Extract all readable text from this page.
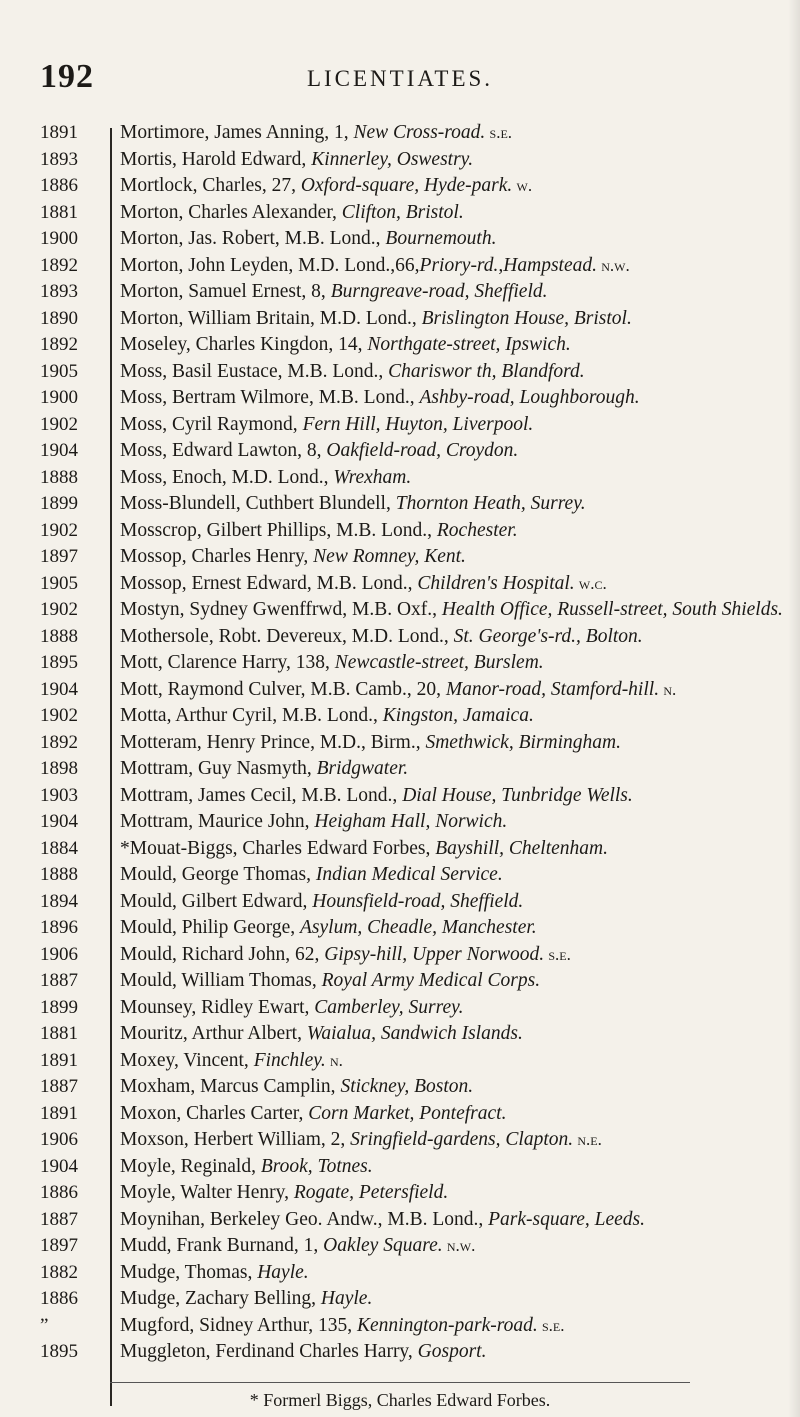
192	LICENTIATES.
1891	Mortimore, James Anning, 1, New Cross-road. s.e.
1893	Mortis, Harold Edward, Kinnerley, Oswestry.
1886	Mortlock, Charles, 27, Oxford-square, Hyde-park. w.
1881	Morton, Charles Alexander, Clifton, Bristol.
1900	Morton, Jas. Robert, M.B. Lond., Bournemouth.
1892	Morton, John Leyden, M.D. Lond.,66,Priory-rd.,Hampstead. n.w.
1893	Morton, Samuel Ernest, 8, Burngreave-road, Sheffield.
1890	Morton, William Britain, M.D. Lond., Brislington House, Bristol.
1892	Moseley, Charles Kingdon, 14, Northgate-street, Ipswich.
1905	Moss, Basil Eustace, M.B. Lond., Chariswor th, Blandford.
1900	Moss, Bertram Wilmore, M.B. Lond., Ashby-road, Loughborough.
1902	Moss, Cyril Raymond, Fern Hill, Huyton, Liverpool.
1904	Moss, Edward Lawton, 8, Oakfield-road, Croydon.
1888	Moss, Enoch, M.D. Lond., Wrexham.
1899	Moss-Blundell, Cuthbert Blundell, Thornton Heath, Surrey.
1902	Mosscrop, Gilbert Phillips, M.B. Lond., Rochester.
1897	Mossop, Charles Henry, New Romney, Kent.
1905	Mossop, Ernest Edward, M.B. Lond., Children's Hospital. w.c.
1902	Mostyn, Sydney Gwenffrwd, M.B. Oxf., Health Office, Russell-street, South Shields.
1888	Mothersole, Robt. Devereux, M.D. Lond., St. George's-rd., Bolton.
1895	Mott, Clarence Harry, 138, Newcastle-street, Burslem.
1904	Mott, Raymond Culver, M.B. Camb., 20, Manor-road, Stamford-hill. n.
1902	Motta, Arthur Cyril, M.B. Lond., Kingston, Jamaica.
1892	Motteram, Henry Prince, M.D., Birm., Smethwick, Birmingham.
1898	Mottram, Guy Nasmyth, Bridgwater.
1903	Mottram, James Cecil, M.B. Lond., Dial House, Tunbridge Wells.
1904	Mottram, Maurice John, Heigham Hall, Norwich.
1884	*Mouat-Biggs, Charles Edward Forbes, Bayshill, Cheltenham.
1888	Mould, George Thomas, Indian Medical Service.
1894	Mould, Gilbert Edward, Hounsfield-road, Sheffield.
1896	Mould, Philip George, Asylum, Cheadle, Manchester.
1906	Mould, Richard John, 62, Gipsy-hill, Upper Norwood. s.e.
1887	Mould, William Thomas, Royal Army Medical Corps.
1899	Mounsey, Ridley Ewart, Camberley, Surrey.
1881	Mouritz, Arthur Albert, Waialua, Sandwich Islands.
1891	Moxey, Vincent, Finchley. n.
1887	Moxham, Marcus Camplin, Stickney, Boston.
1891	Moxon, Charles Carter, Corn Market, Pontefract.
1906	Moxson, Herbert William, 2, Sringfield-gardens, Clapton. n.e.
1904	Moyle, Reginald, Brook, Totnes.
1886	Moyle, Walter Henry, Rogate, Petersfield.
1887	Moynihan, Berkeley Geo. Andw., M.B. Lond., Park-square, Leeds.
1897	Mudd, Frank Burnand, 1, Oakley Square. n.w.
1882	Mudge, Thomas, Hayle.
1886	Mudge, Zachary Belling, Hayle.
”	Mugford, Sidney Arthur, 135, Kennington-park-road. s.e.
1895	Muggleton, Ferdinand Charles Harry, Gosport.
* Formerl Biggs, Charles Edward Forbes.
